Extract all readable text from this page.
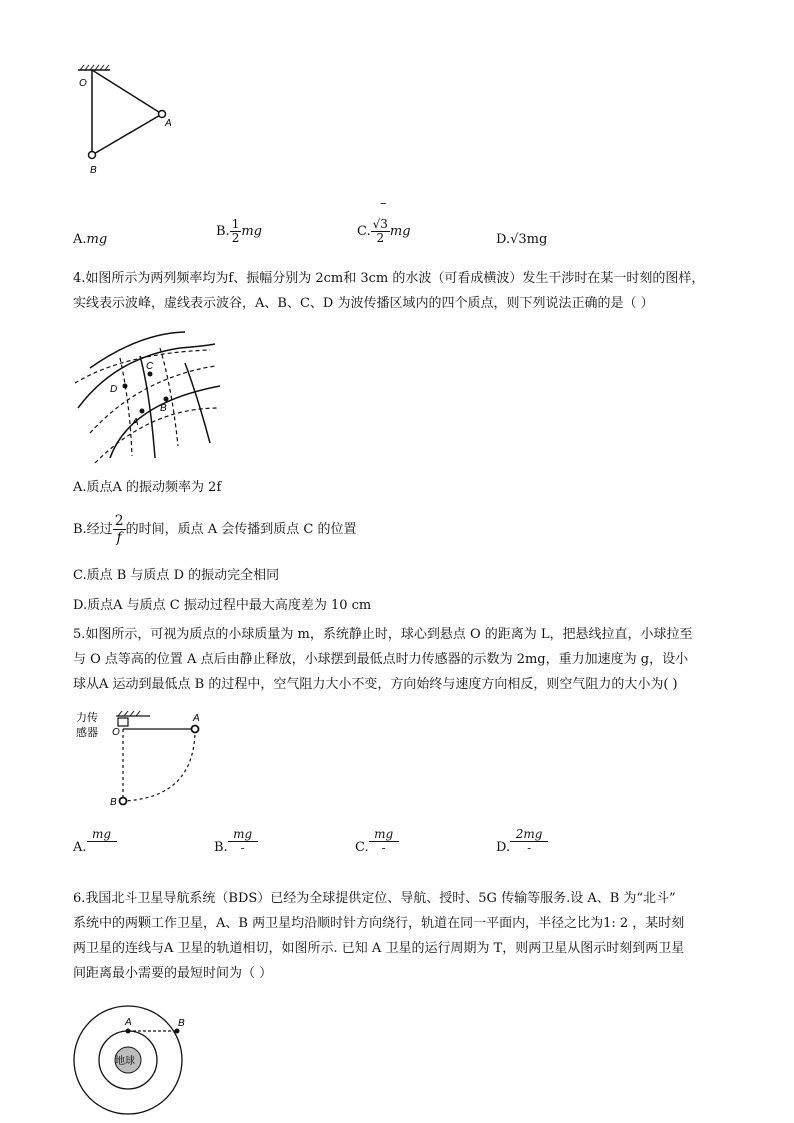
O
A
B
–
A.mg
B. $\frac{1}{2}$ mg	C. $\frac{√3}{2}$ mg
D.√3mg
4.如图所示为两列频率均为f、振幅分别为 2cm和 3cm 的水波（可看成横波）发生干涉时在某一时刻的图样，
实线表示波峰，虚线表示波谷，A、B、C、D 为波传播区域内的四个质点，则下列说法正确的是（ ）
C
D
A
B
A.质点A 的振动频率为 2f
B.经过 $\frac{2}{f}$ 的时间，质点 A 会传播到质点 C 的位置
C.质点 B 与质点 D 的振动完全相同
D.质点A 与质点 C 振动过程中最大高度差为 10 cm
5.如图所示，可视为质点的小球质量为 m，系统静止时，球心到悬点 O 的距离为 L，把悬线拉直，小球拉至
与 O 点等高的位置 A 点后由静止释放，小球摆到最低点时力传感器的示数为 2mg，重力加速度为 g，设小
球从A 运动到最低点 B 的过程中，空气阻力大小不变，方向始终与速度方向相反，则空气阻力的大小为( )
力传
感器 O
A
B
A.
mg

B. $\frac{mg}{-}$	C. $\frac{mg}{-}$	D. $\frac{2mg}{-}$
6.我国北斗卫星导航系统（BDS）已经为全球提供定位、导航、授时、5G 传输等服务.设 A、B 为“北斗”
系统中的两颗工作卫星，A、B 两卫星均沿顺时针方向绕行，轨道在同一平面内，半径之比为1: 2 ，某时刻
两卫星的连线与A 卫星的轨道相切，如图所示. 已知 A 卫星的运行周期为 T，则两卫星从图示时刻到两卫星
间距离最小需要的最短时间为（ ）
A	B
地球
